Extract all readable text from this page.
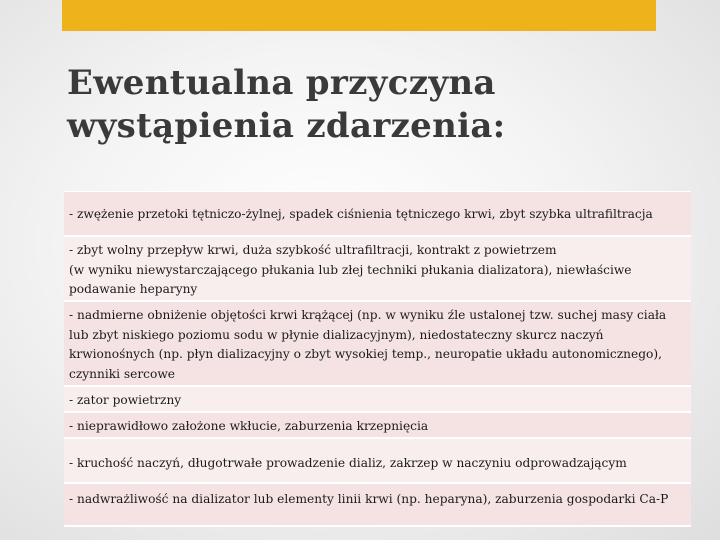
Ewentualna przyczyna
wystąpienia zdarzenia:
- zwężenie przetoki tętniczo-żylnej, spadek ciśnienia tętniczego krwi, zbyt szybka ultrafiltracja
- zbyt wolny przepływ krwi, duża szybkość ultrafiltracji, kontrakt z powietrzem
(w wyniku niewystarczającego płukania lub złej techniki płukania dializatora), niewłaściwe podawanie heparyny
- nadmierne obniżenie objętości krwi krążącej (np. w wyniku źle ustalonej tzw. suchej masy ciała lub zbyt niskiego poziomu sodu w płynie dializacyjnym), niedostateczny skurcz naczyń krwionośnych (np. płyn dializacyjny o zbyt wysokiej temp., neuropatie układu autonomicznego), czynniki sercowe
- zator powietrzny
- nieprawidłowo założone wkłucie, zaburzenia krzepnięcia
- kruchość naczyń, długotrwałe prowadzenie dializ, zakrzep w naczyniu odprowadzającym
- nadwrażliwość na dializator lub elementy linii krwi (np. heparyna), zaburzenia gospodarki Ca-P
